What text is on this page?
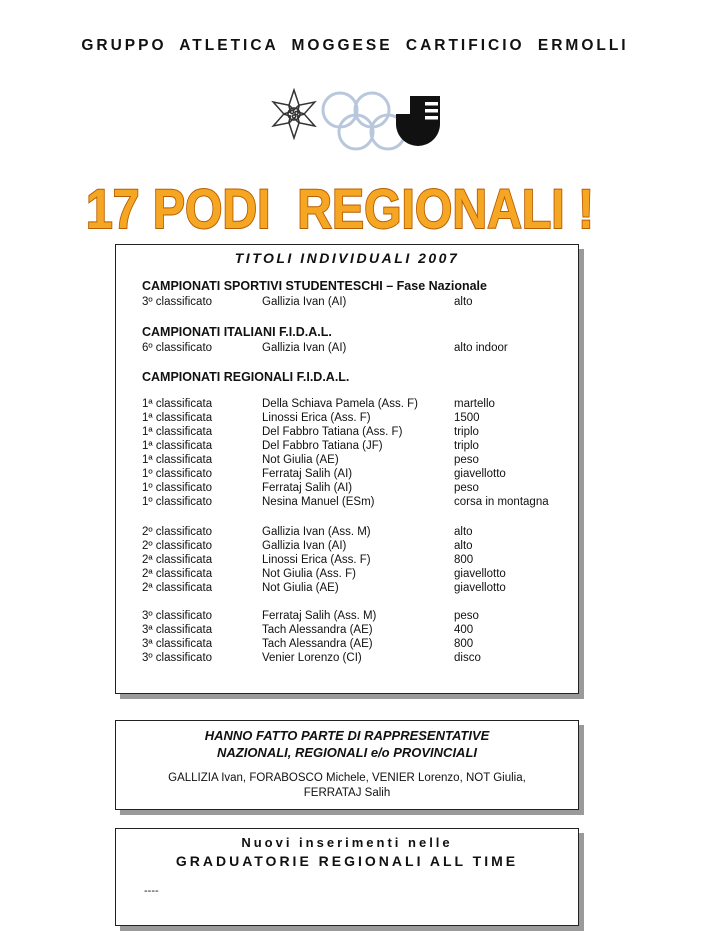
GRUPPO ATLETICA MOGGESE CARTIFICIO ERMOLLI
17 PODI  REGIONALI !
TITOLI INDIVIDUALI 2007
CAMPIONATI SPORTIVI STUDENTESCHI – Fase Nazionale
3º classificato	Gallizia Ivan (AI)	alto
CAMPIONATI ITALIANI F.I.D.A.L.
6º classificato	Gallizia Ivan (AI)	alto indoor
CAMPIONATI REGIONALI F.I.D.A.L.
1ª classificata	Della Schiava Pamela (Ass. F)	martello
1ª classificata	Linossi Erica (Ass. F)	1500
1ª classificata	Del Fabbro Tatiana (Ass. F)	triplo
1ª classificata	Del Fabbro Tatiana (JF)	triplo
1ª classificata	Not Giulia (AE)	peso
1º classificato	Ferrataj Salih (AI)	giavellotto
1º classificato	Ferrataj Salih (AI)	peso
1º classificato	Nesina Manuel (ESm)	corsa in montagna
2º classificato	Gallizia Ivan (Ass. M)	alto
2º classificato	Gallizia Ivan (AI)	alto
2ª classificata	Linossi Erica (Ass. F)	800
2ª classificata	Not Giulia (Ass. F)	giavellotto
2ª classificata	Not Giulia (AE)	giavellotto
3º classificato	Ferrataj Salih (Ass. M)	peso
3ª classificata	Tach Alessandra (AE)	400
3ª classificata	Tach Alessandra (AE)	800
3º classificato	Venier Lorenzo (CI)	disco
HANNO FATTO PARTE DI RAPPRESENTATIVE
NAZIONALI, REGIONALI e/o PROVINCIALI
GALLIZIA Ivan, FORABOSCO Michele, VENIER Lorenzo, NOT Giulia,
FERRATAJ Salih
Nuovi inserimenti nelle
GRADUATORIE REGIONALI ALL TIME
----
